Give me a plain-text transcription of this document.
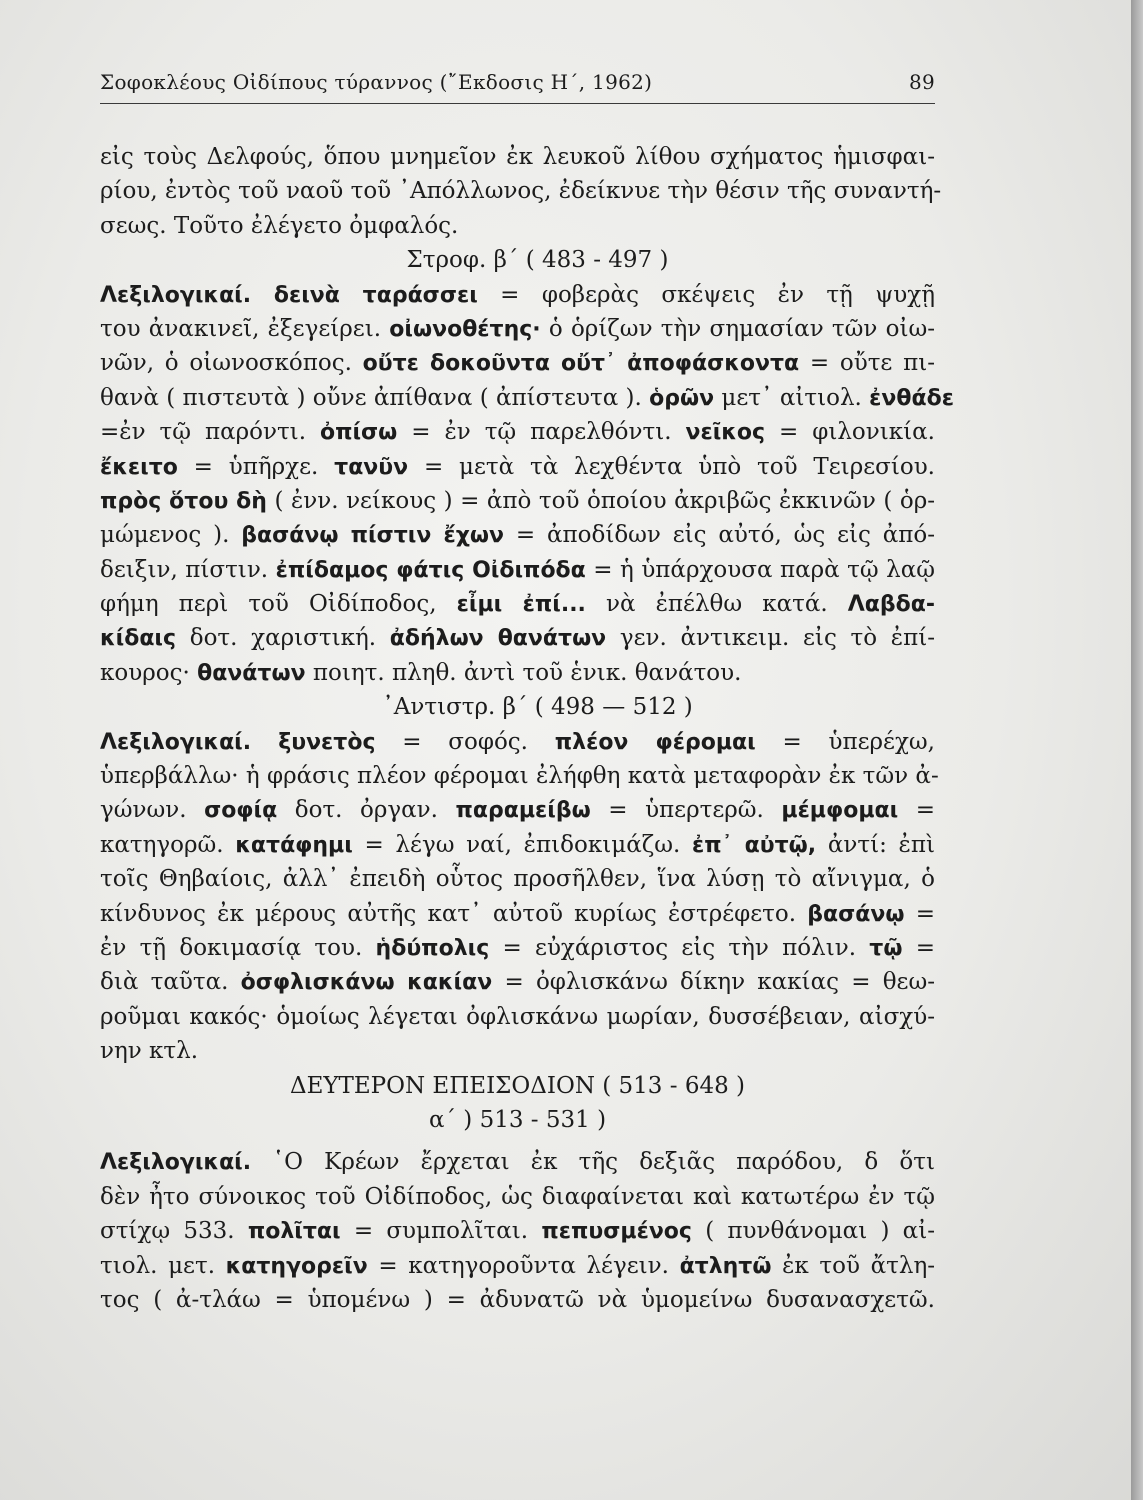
Σοφοκλέους Οἰδίπους τύραννος (῎Εκδοσις Η΄, 1962)	89
εἰς τοὺς Δελφούς, ὅπου μνημεῖον ἐκ λευκοῦ λίθου σχήματος ἡμισφαι-
ρίου, ἐντὸς τοῦ ναοῦ τοῦ ᾿Απόλλωνος, ἐδείκνυε τὴν θέσιν τῆς συναντή-
σεως. Τοῦτο ἐλέγετο ὀμφαλός.
Στροφ. β΄ ( 483 - 497 )
Λεξιλογικαί. δεινὰ ταράσσει = φοβερὰς σκέψεις ἐν τῇ ψυχῇ
του ἀνακινεῖ, ἐξεγείρει. οἰωνοθέτης· ὁ ὁρίζων τὴν σημασίαν τῶν οἰω-
νῶν, ὁ οἰωνοσκόπος. οὔτε δοκοῦντα οὔτ᾽ ἀποφάσκοντα = οὔτε πι-
θανὰ ( πιστευτὰ ) οὔνε ἀπίθανα ( ἀπίστευτα ). ὁρῶν μετ᾽ αἰτιολ. ἐνθάδε
=ἐν τῷ παρόντι. ὀπίσω = ἐν τῷ παρελθόντι. νεῖκος = φιλονικία.
ἔκειτο = ὑπῆρχε. τανῦν = μετὰ τὰ λεχθέντα ὑπὸ τοῦ Τειρεσίου.
πρὸς ὅτου δὴ ( ἐνν. νείκους ) = ἀπὸ τοῦ ὁποίου ἀκριβῶς ἐκκινῶν ( ὁρ-
μώμενος ). βασάνῳ πίστιν ἔχων = ἀποδίδων εἰς αὐτό, ὡς εἰς ἀπό-
δειξιν, πίστιν. ἐπίδαμος φάτις Οἰδιπόδα = ἡ ὑπάρχουσα παρὰ τῷ λαῷ
φήμη περὶ τοῦ Οἰδίποδος, εἶμι ἐπί... νὰ ἐπέλθω κατά. Λαβδα-
κίδαις δοτ. χαριστική. ἀδήλων θανάτων γεν. ἀντικειμ. εἰς τὸ ἐπί-
κουρος· θανάτων ποιητ. πληθ. ἀντὶ τοῦ ἑνικ. θανάτου.
᾿Αντιστρ. β΄ ( 498 — 512 )
Λεξιλογικαί. ξυνετὸς = σοφός. πλέον φέρομαι = ὑπερέχω,
ὑπερβάλλω· ἡ φράσις πλέον φέρομαι ἐλήφθη κατὰ μεταφορὰν ἐκ τῶν ἀ-
γώνων. σοφίᾳ δοτ. ὀργαν. παραμείβω = ὑπερτερῶ. μέμφομαι =
κατηγορῶ. κατάφημι = λέγω ναί, ἐπιδοκιμάζω. ἐπ᾽ αὐτῷ, ἀντί: ἐπὶ
τοῖς Θηβαίοις, ἀλλ᾽ ἐπειδὴ οὗτος προσῆλθεν, ἵνα λύσῃ τὸ αἴνιγμα, ὁ
κίνδυνος ἐκ μέρους αὐτῆς κατ᾽ αὐτοῦ κυρίως ἐστρέφετο. βασάνῳ =
ἐν τῇ δοκιμασίᾳ του. ἡδύπολις = εὐχάριστος εἰς τὴν πόλιν. τῷ =
διὰ ταῦτα. ὀσφλισκάνω κακίαν = ὀφλισκάνω δίκην κακίας = θεω-
ροῦμαι κακός· ὁμοίως λέγεται ὀφλισκάνω μωρίαν, δυσσέβειαν, αἰσχύ-
νην κτλ.
ΔΕΥΤΕΡΟΝ ΕΠΕΙΣΟΔΙΟΝ ( 513 - 648 )
α΄ ) 513 - 531 )
Λεξιλογικαί. ῾Ο Κρέων ἔρχεται ἐκ τῆς δεξιᾶς παρόδου, δ ὅτι
δὲν ἦτο σύνοικος τοῦ Οἰδίποδος, ὡς διαφαίνεται καὶ κατωτέρω ἐν τῷ
στίχῳ 533. πολῖται = συμπολῖται. πεπυσμένος ( πυνθάνομαι ) αἰ-
τιολ. μετ. κατηγορεῖν = κατηγοροῦντα λέγειν. ἀτλητῶ ἐκ τοῦ ἄτλη-
τος ( ἀ-τλάω = ὑπομένω ) = ἀδυνατῶ νὰ ὑμομείνω δυσανασχετῶ.
